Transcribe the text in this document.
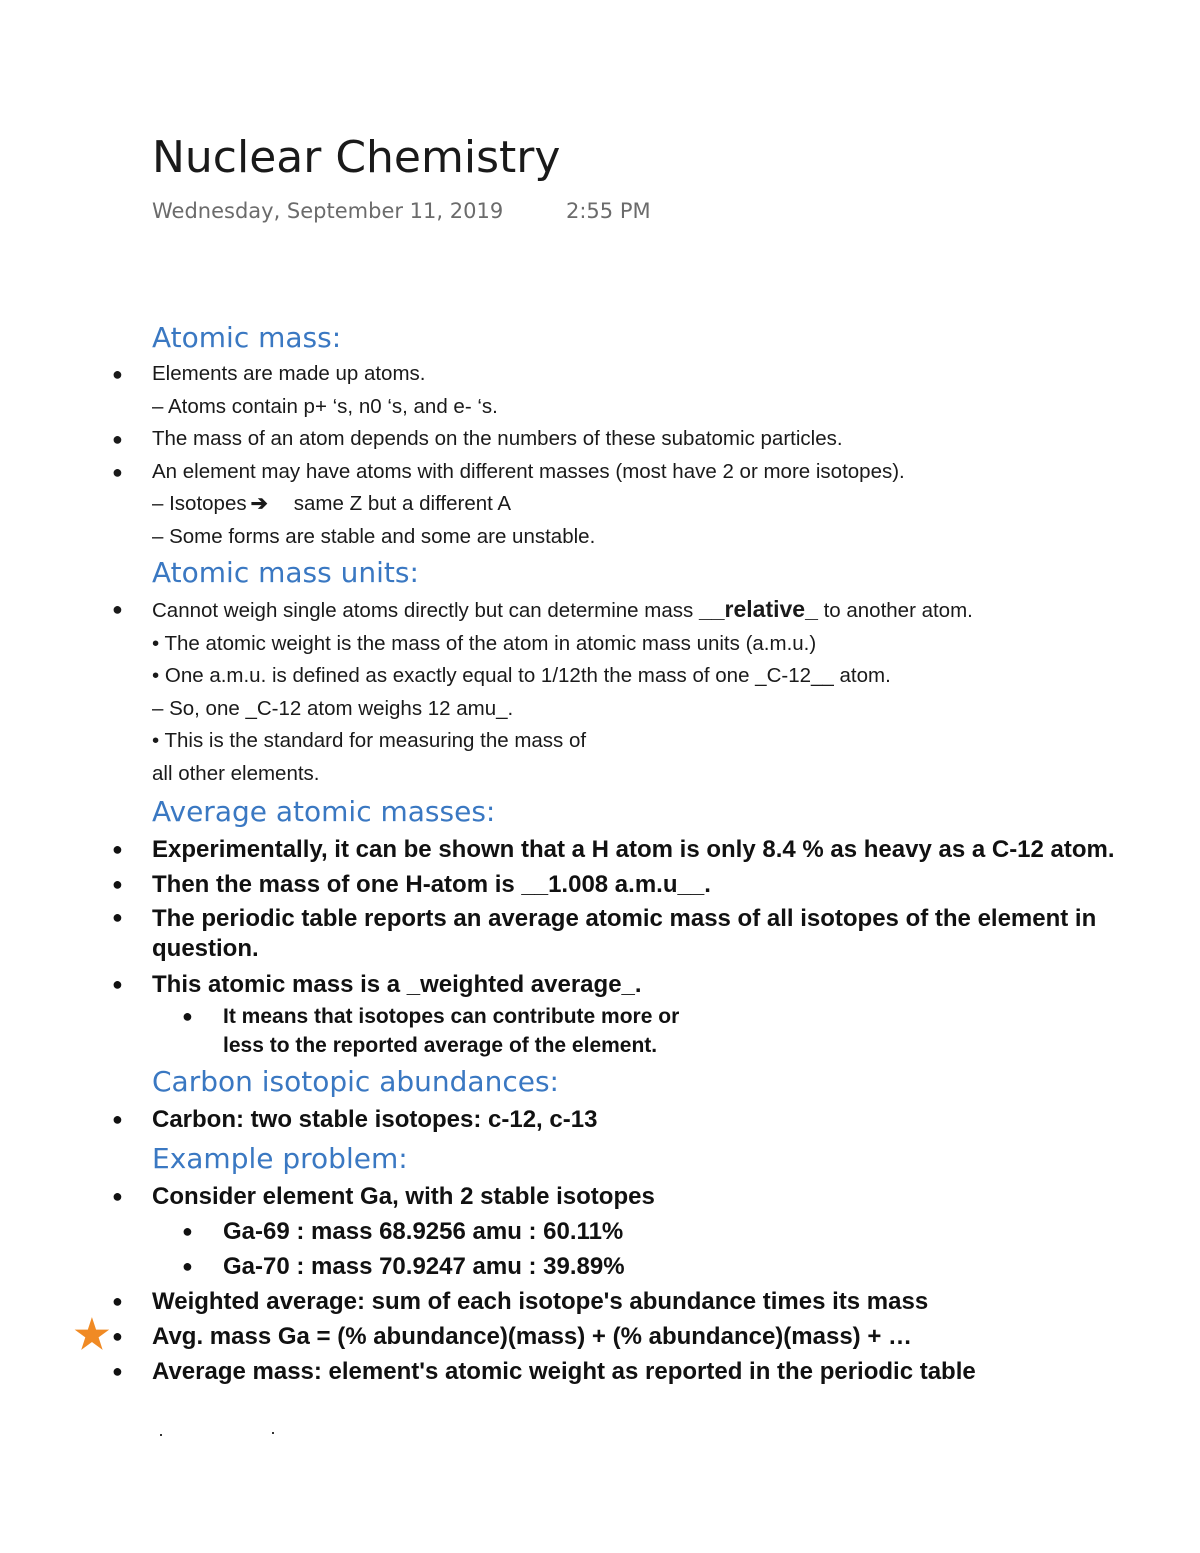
Nuclear Chemistry
Wednesday, September 11, 2019	2:55 PM
Atomic mass:
● Elements are made up atoms.
– Atoms contain p+ ‘s, n0 ‘s, and e- ‘s.
● The mass of an atom depends on the numbers of these subatomic particles.
● An element may have atoms with different masses (most have 2 or more isotopes).
– Isotopes ➔ same Z but a different A
– Some forms are stable and some are unstable.
Atomic mass units:
● Cannot weigh single atoms directly but can determine mass __relative_ to another atom.
• The atomic weight is the mass of the atom in atomic mass units (a.m.u.)
• One a.m.u. is defined as exactly equal to 1/12th the mass of one _C-12__ atom.
– So, one _C-12 atom weighs 12 amu_.
• This is the standard for measuring the mass of
all other elements.
Average atomic masses:
● Experimentally, it can be shown that a H atom is only 8.4 % as heavy as a C-12 atom.
● Then the mass of one H-atom is __1.008 a.m.u__.
● The periodic table reports an average atomic mass of all isotopes of the element in question.
● This atomic mass is a _weighted average_.
● It means that isotopes can contribute more or
less to the reported average of the element.
Carbon isotopic abundances:
● Carbon: two stable isotopes: c-12, c-13
Example problem:
● Consider element Ga, with 2 stable isotopes
● Ga-69 : mass 68.9256 amu : 60.11%
● Ga-70 : mass 70.9247 amu : 39.89%
● Weighted average: sum of each isotope's abundance times its mass
★ ● Avg. mass Ga = (% abundance)(mass) + (% abundance)(mass) + …
● Average mass: element's atomic weight as reported in the periodic table
